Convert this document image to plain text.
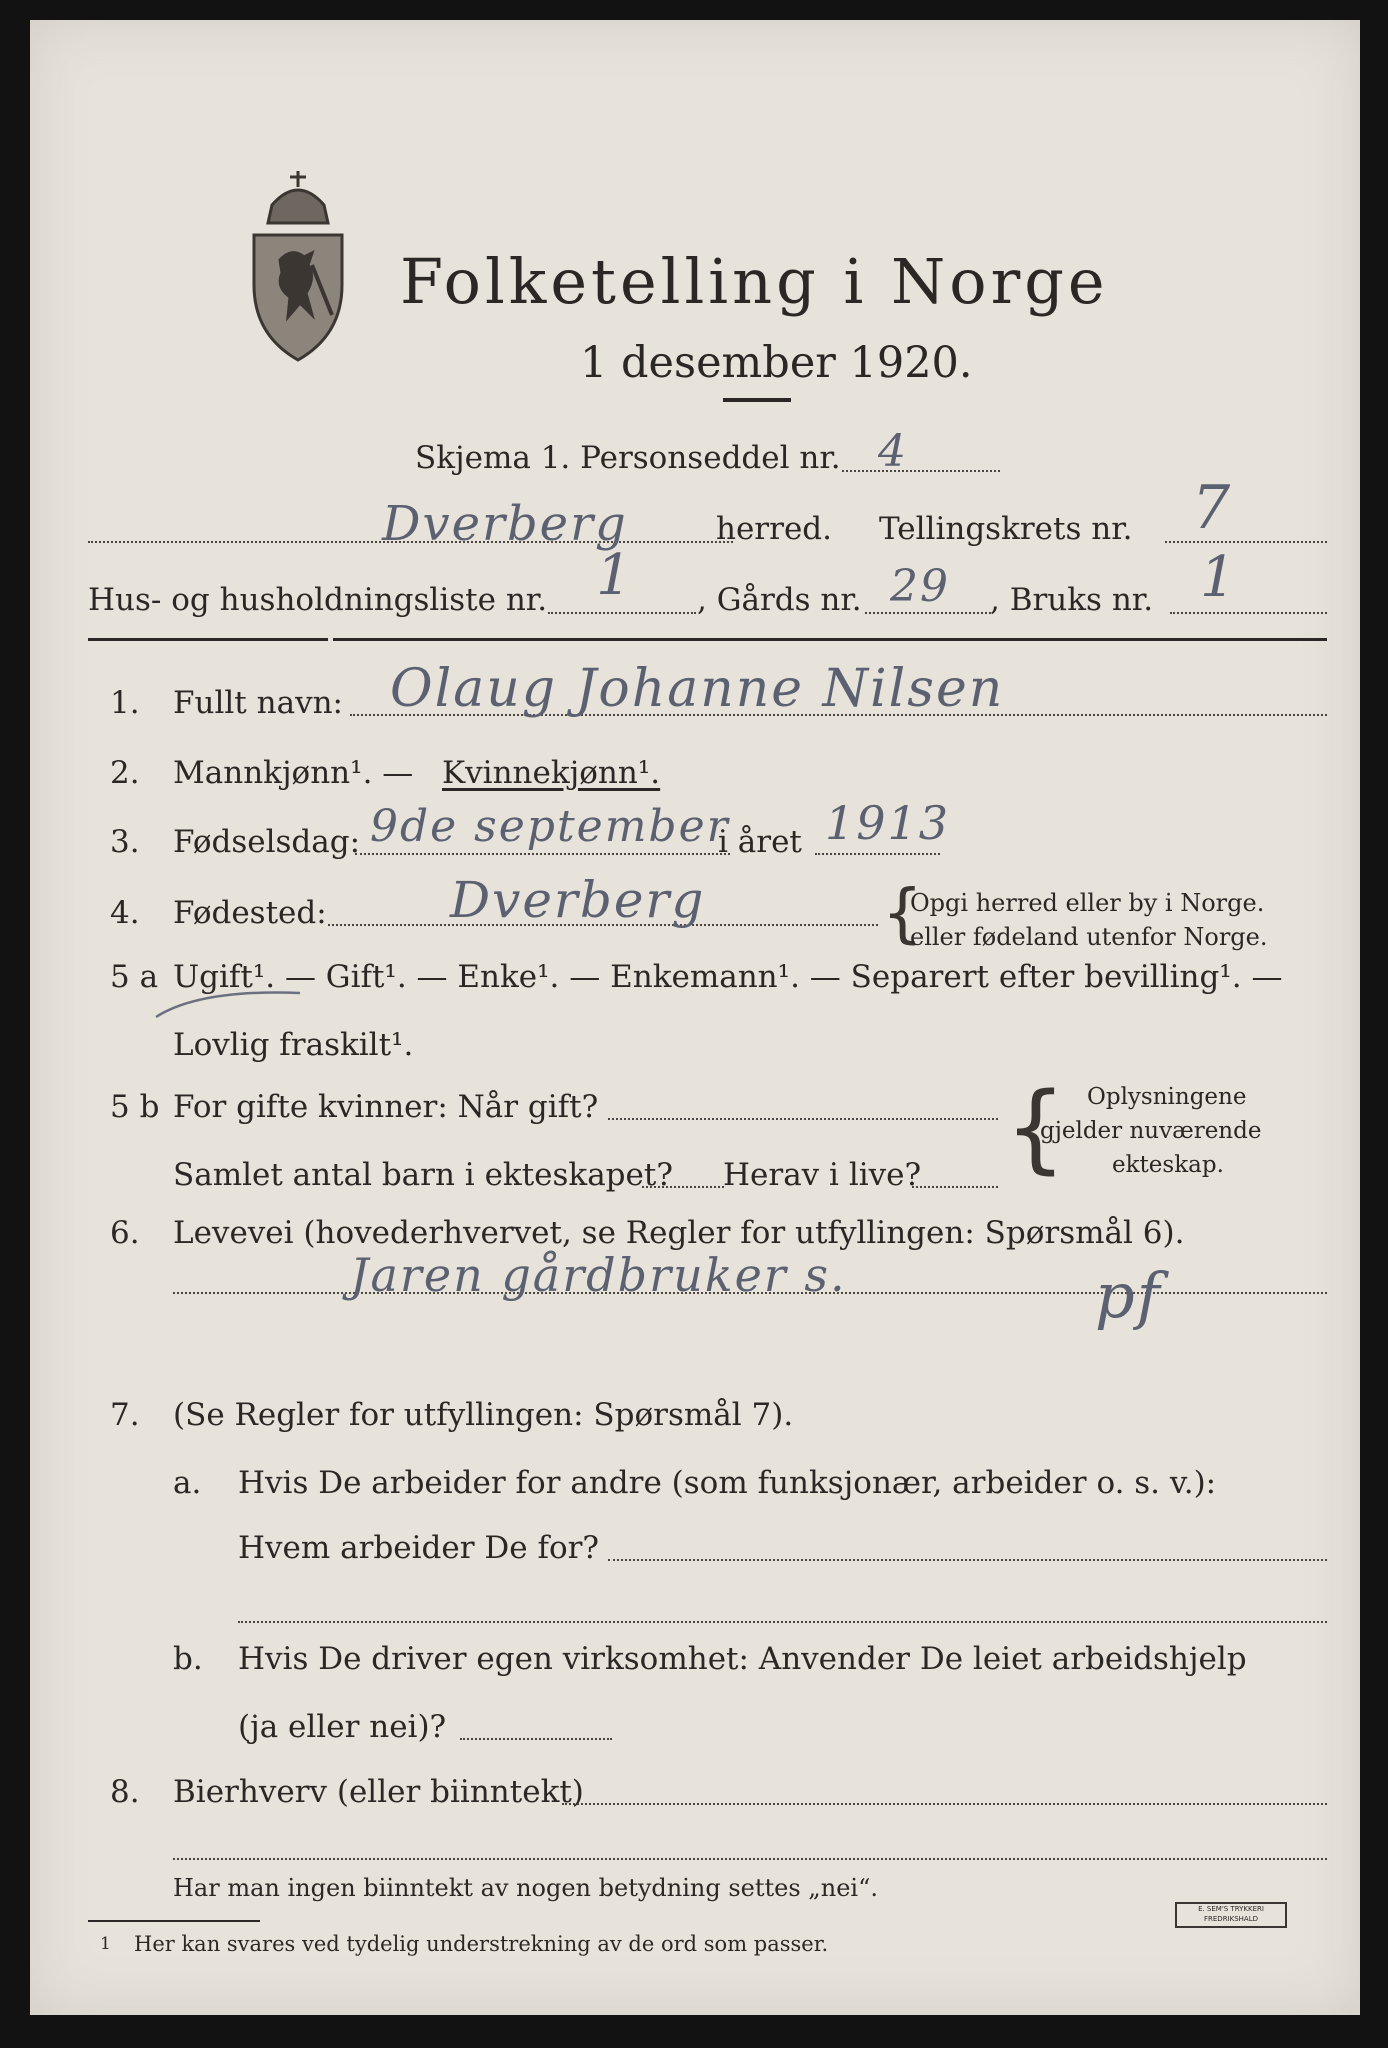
Folketelling i Norge
1 desember 1920.
Skjema 1. Personseddel nr. 4
Dverberg	herred. Tellingskrets nr. 7
Hus- og husholdningsliste nr. 1 , Gårds nr. 29 , Bruks nr. 1
1. Fullt navn: Olaug Johanne Nilsen
2. Mannkjønn¹. — Kvinnekjønn¹.
3. Fødselsdag: 9de september
i året 1913
4. Fødested: Dverberg	{
Opgi herred eller by i Norge.
eller fødeland utenfor Norge.
5 a Ugift¹. — Gift¹. — Enke¹. — Enkemann¹. — Separert efter bevilling¹. —
Lovlig fraskilt¹.
5 b For gifte kvinner: Når gift?
Samlet antal barn i ekteskapet? Herav i live? { Oplysningene
gjelder nuværende
ekteskap.
6. Levevei (hovederhvervet, se Regler for utfyllingen: Spørsmål 6).
Jaren gårdbruker s.	pf
7. (Se Regler for utfyllingen: Spørsmål 7).
a. Hvis De arbeider for andre (som funksjonær, arbeider o. s. v.):
Hvem arbeider De for?
b. Hvis De driver egen virksomhet: Anvender De leiet arbeidshjelp
(ja eller nei)?
8. Bierhverv (eller biinntekt)
Har man ingen biinntekt av nogen betydning settes „nei“.
1 Her kan svares ved tydelig understrekning av de ord som passer.
E. SEM'S TRYKKERI FREDRIKSHALD
